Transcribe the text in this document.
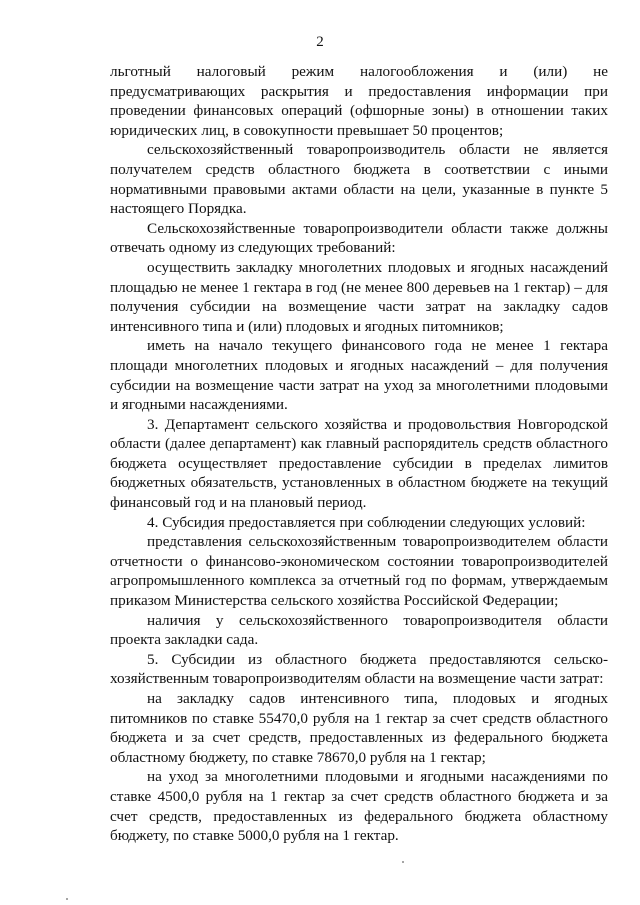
2

льготный налоговый режим налогообложения и (или) не предусматривающих раскрытия и предоставления информации при проведении финансовых операций (офшорные зоны) в отношении таких юридических лиц, в совокупности превышает 50 процентов;

сельскохозяйственный товаропроизводитель области не является получателем средств областного бюджета в соответствии с иными нормативными правовыми актами области на цели, указанные в пункте 5 настоящего Порядка.

Сельскохозяйственные товаропроизводители области также должны отвечать одному из следующих требований:

осуществить закладку многолетних плодовых и ягодных насаждений площадью не менее 1 гектара в год (не менее 800 деревьев на 1 гектар) – для получения субсидии на возмещение части затрат на закладку садов интенсивного типа и (или) плодовых и ягодных питомников;

иметь на начало текущего финансового года не менее 1 гектара площади многолетних плодовых и ягодных насаждений – для получения субсидии на возмещение части затрат на уход за многолетними плодовыми и ягодными насаждениями.

3. Департамент сельского хозяйства и продовольствия Новгородской области (далее департамент) как главный распорядитель средств областного бюджета осуществляет предоставление субсидии в пределах лимитов бюджетных обязательств, установленных в областном бюджете на текущий финансовый год и на плановый период.

4. Субсидия предоставляется при соблюдении следующих условий:

представления сельскохозяйственным товаропроизводителем области отчетности о финансово-экономическом состоянии товаропроизводителей агропромышленного комплекса за отчетный год по формам, утверждаемым приказом Министерства сельского хозяйства Российской Федерации;

наличия у сельскохозяйственного товаропроизводителя области проекта закладки сада.

5. Субсидии из областного бюджета предоставляются сельско-хозяйственным товаропроизводителям области на возмещение части затрат:

на закладку садов интенсивного типа, плодовых и ягодных питомников по ставке 55470,0 рубля на 1 гектар за счет средств областного бюджета и за счет средств, предоставленных из федерального бюджета областному бюджету, по ставке 78670,0 рубля на 1 гектар;

на уход за многолетними плодовыми и ягодными насаждениями по ставке 4500,0 рубля на 1 гектар за счет средств областного бюджета и за счет средств, предоставленных из федерального бюджета областному бюджету, по ставке 5000,0 рубля на 1 гектар.
